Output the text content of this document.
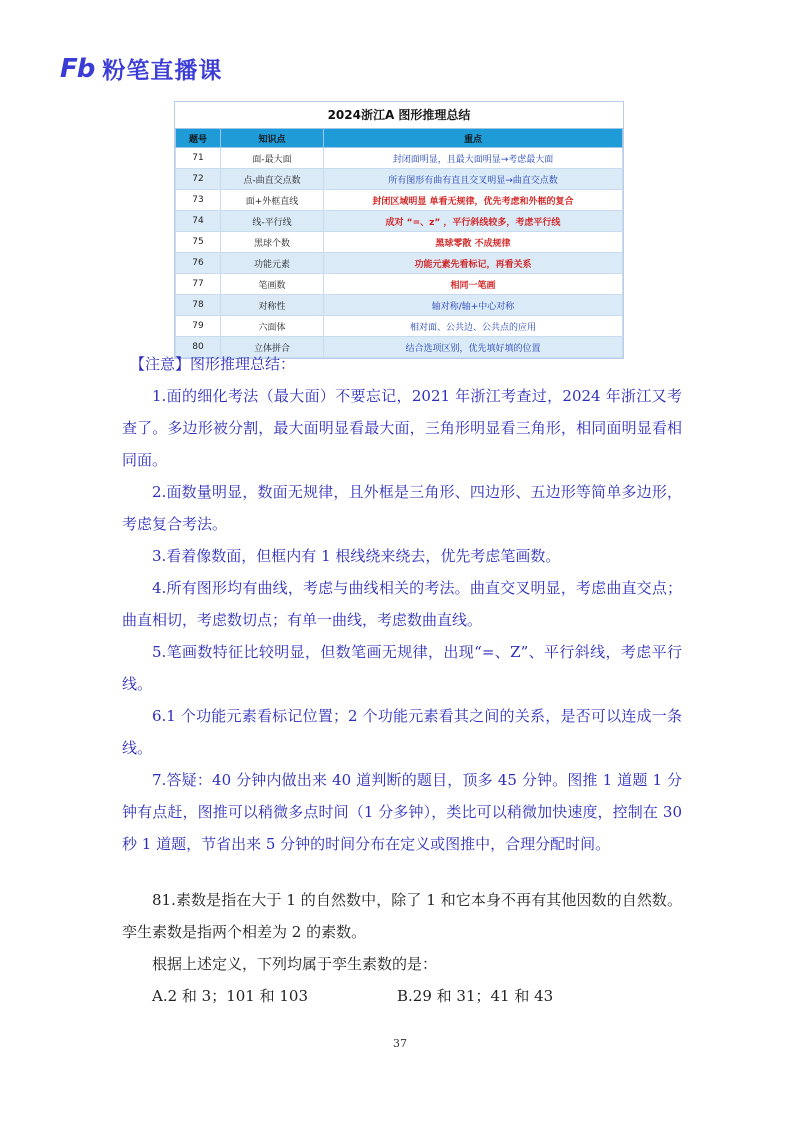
Fb 粉笔直播课
2024浙江A 图形推理总结
题号	知识点	重点
71	面-最大面	封闭面明显，且最大面明显→考虑最大面
72	点-曲直交点数	所有图形有曲有直且交叉明显→曲直交点数
73	面+外框直线	封闭区域明显 单看无规律，优先考虑和外框的复合
74	线-平行线	成对 “=、z” ，平行斜线较多，考虑平行线
75	黑球个数	黑球零散 不成规律
76	功能元素	功能元素先看标记，再看关系
77	笔画数	相同一笔画
78	对称性	轴对称/轴+中心对称
79	六面体	相对面、公共边、公共点的应用
80	立体拼合	结合选项区别，优先填好填的位置
【注意】图形推理总结：
1.面的细化考法（最大面）不要忘记，2021 年浙江考查过，2024 年浙江又考查了。多边形被分割，最大面明显看最大面，三角形明显看三角形，相同面明显看相同面。
2.面数量明显，数面无规律，且外框是三角形、四边形、五边形等简单多边形，考虑复合考法。
3.看着像数面，但框内有 1 根线绕来绕去，优先考虑笔画数。
4.所有图形均有曲线，考虑与曲线相关的考法。曲直交叉明显，考虑曲直交点；曲直相切，考虑数切点；有单一曲线，考虑数曲直线。
5.笔画数特征比较明显，但数笔画无规律，出现“=、Z”、平行斜线，考虑平行线。
6.1 个功能元素看标记位置；2 个功能元素看其之间的关系，是否可以连成一条线。
7.答疑：40 分钟内做出来 40 道判断的题目，顶多 45 分钟。图推 1 道题 1 分钟有点赶，图推可以稍微多点时间（1 分多钟），类比可以稍微加快速度，控制在 30 秒 1 道题，节省出来 5 分钟的时间分布在定义或图推中，合理分配时间。
81.素数是指在大于 1 的自然数中，除了 1 和它本身不再有其他因数的自然数。孪生素数是指两个相差为 2 的素数。
根据上述定义，下列均属于孪生素数的是：
A.2 和 3；101 和 103	B.29 和 31；41 和 43
37
